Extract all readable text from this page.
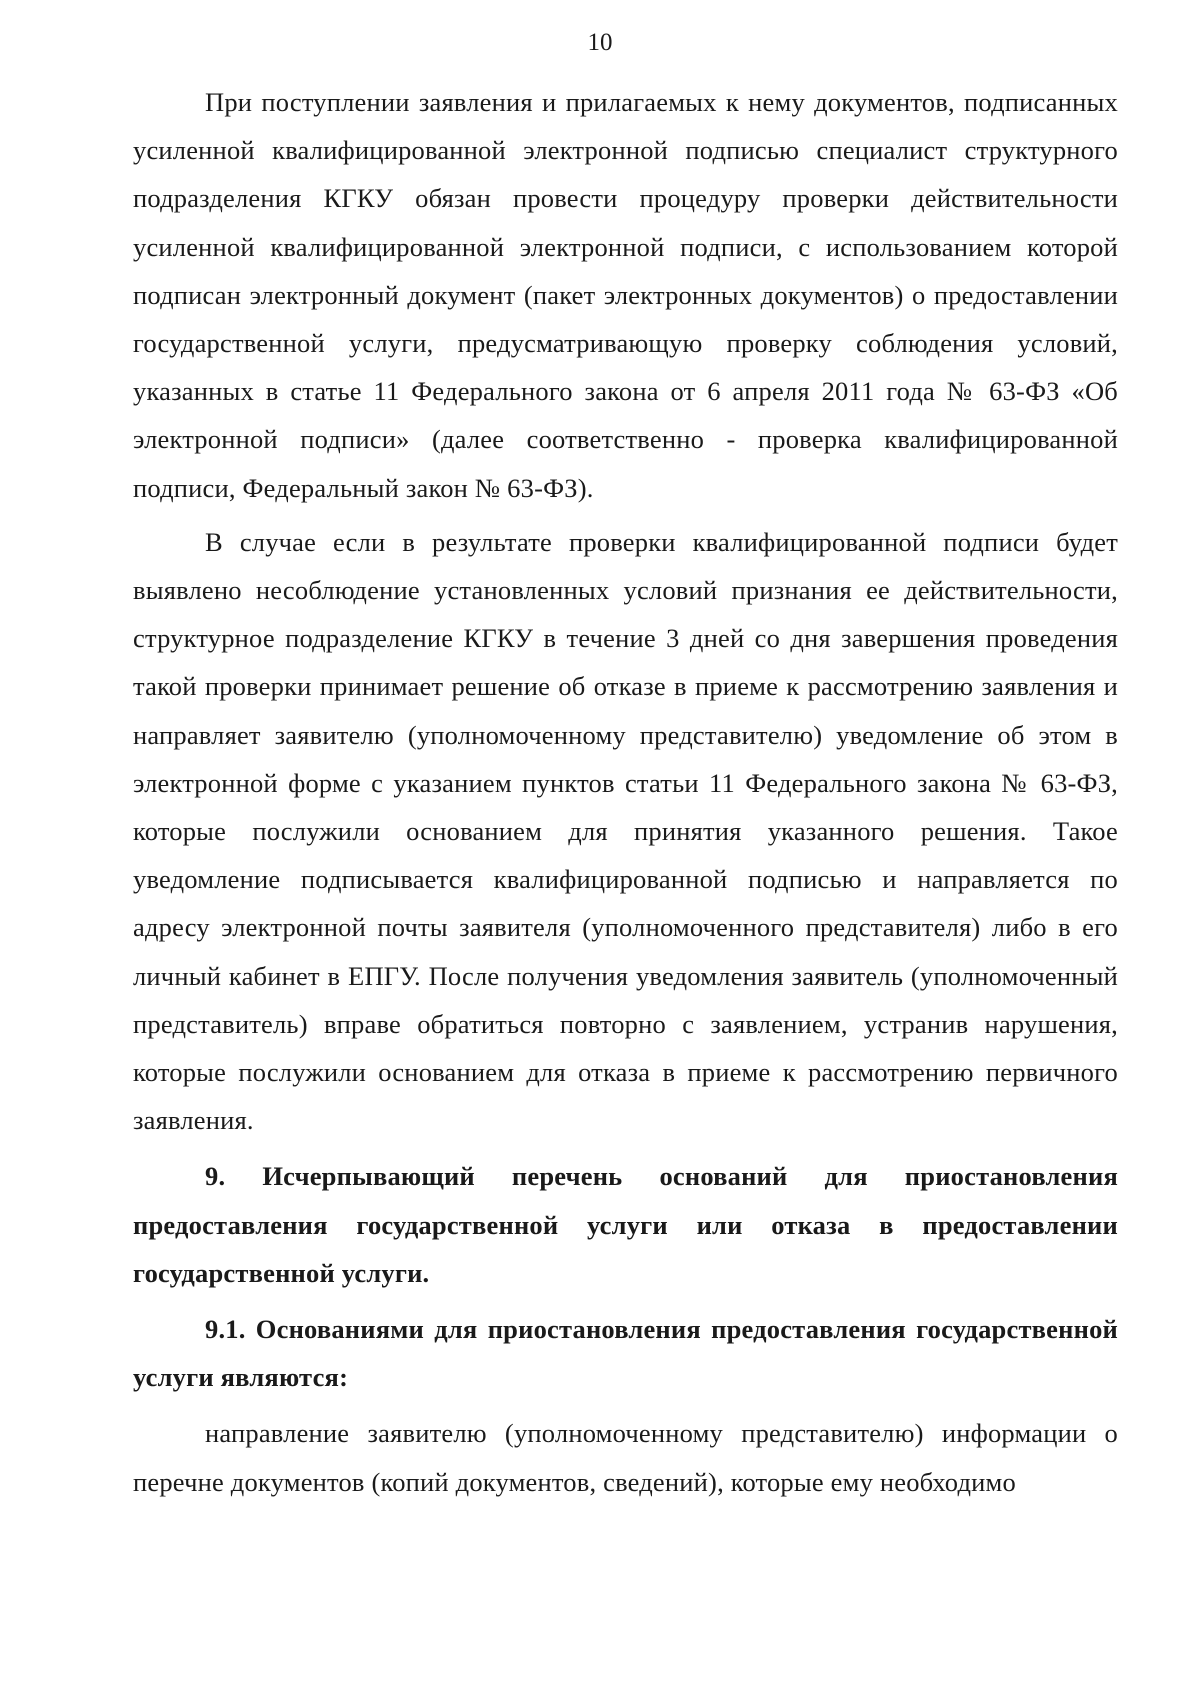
10

При поступлении заявления и прилагаемых к нему документов, подписанных усиленной квалифицированной электронной подписью специалист структурного подразделения КГКУ обязан провести процедуру проверки действительности усиленной квалифицированной электронной подписи, с использованием которой подписан электронный документ (пакет электронных документов) о предоставлении государственной услуги, предусматривающую проверку соблюдения условий, указанных в статье 11 Федерального закона от 6 апреля 2011 года № 63-ФЗ «Об электронной подписи» (далее соответственно - проверка квалифицированной подписи, Федеральный закон № 63-ФЗ).

В случае если в результате проверки квалифицированной подписи будет выявлено несоблюдение установленных условий признания ее действительности, структурное подразделение КГКУ в течение 3 дней со дня завершения проведения такой проверки принимает решение об отказе в приеме к рассмотрению заявления и направляет заявителю (уполномоченному представителю) уведомление об этом в электронной форме с указанием пунктов статьи 11 Федерального закона № 63-ФЗ, которые послужили основанием для принятия указанного решения. Такое уведомление подписывается квалифицированной подписью и направляется по адресу электронной почты заявителя (уполномоченного представителя) либо в его личный кабинет в ЕПГУ. После получения уведомления заявитель (уполномоченный представитель) вправе обратиться повторно с заявлением, устранив нарушения, которые послужили основанием для отказа в приеме к рассмотрению первичного заявления.

9. Исчерпывающий перечень оснований для приостановления предоставления государственной услуги или отказа в предоставлении государственной услуги.

9.1. Основаниями для приостановления предоставления государственной услуги являются:

направление заявителю (уполномоченному представителю) информации о перечне документов (копий документов, сведений), которые ему необходимо
